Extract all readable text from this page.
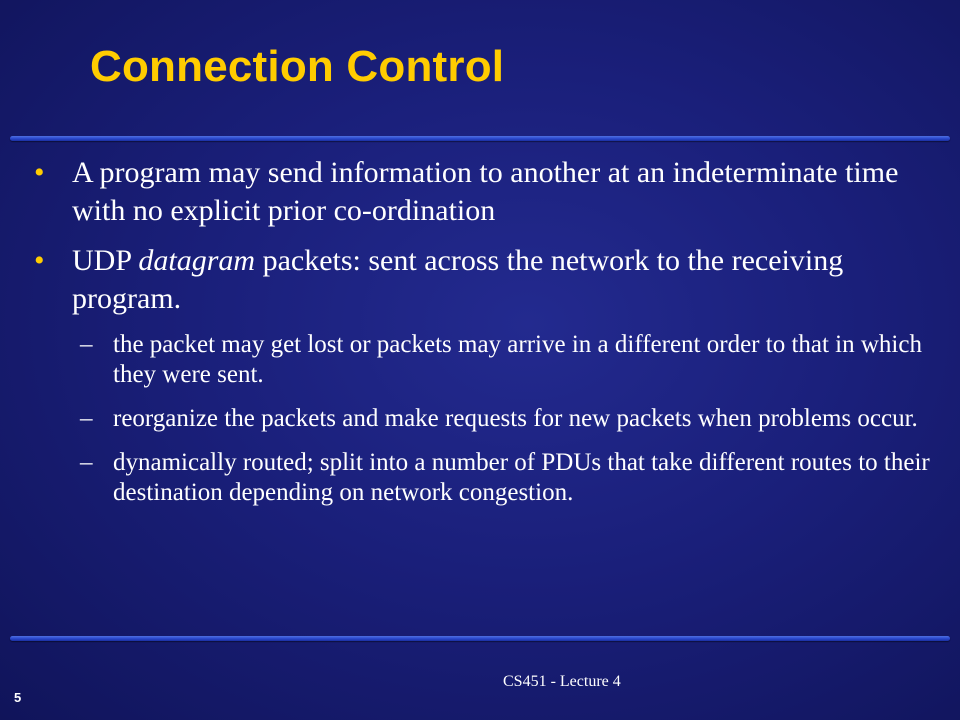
Connection Control
• A program may send information to another at an indeterminate time with no explicit prior co-ordination
• UDP datagram packets: sent across the network to the receiving program.
– the packet may get lost or packets may arrive in a different order to that in which they were sent.
– reorganize the packets and make requests for new packets when problems occur.
– dynamically routed; split into a number of PDUs that take different routes to their destination depending on network congestion.
5
CS451 - Lecture 4
